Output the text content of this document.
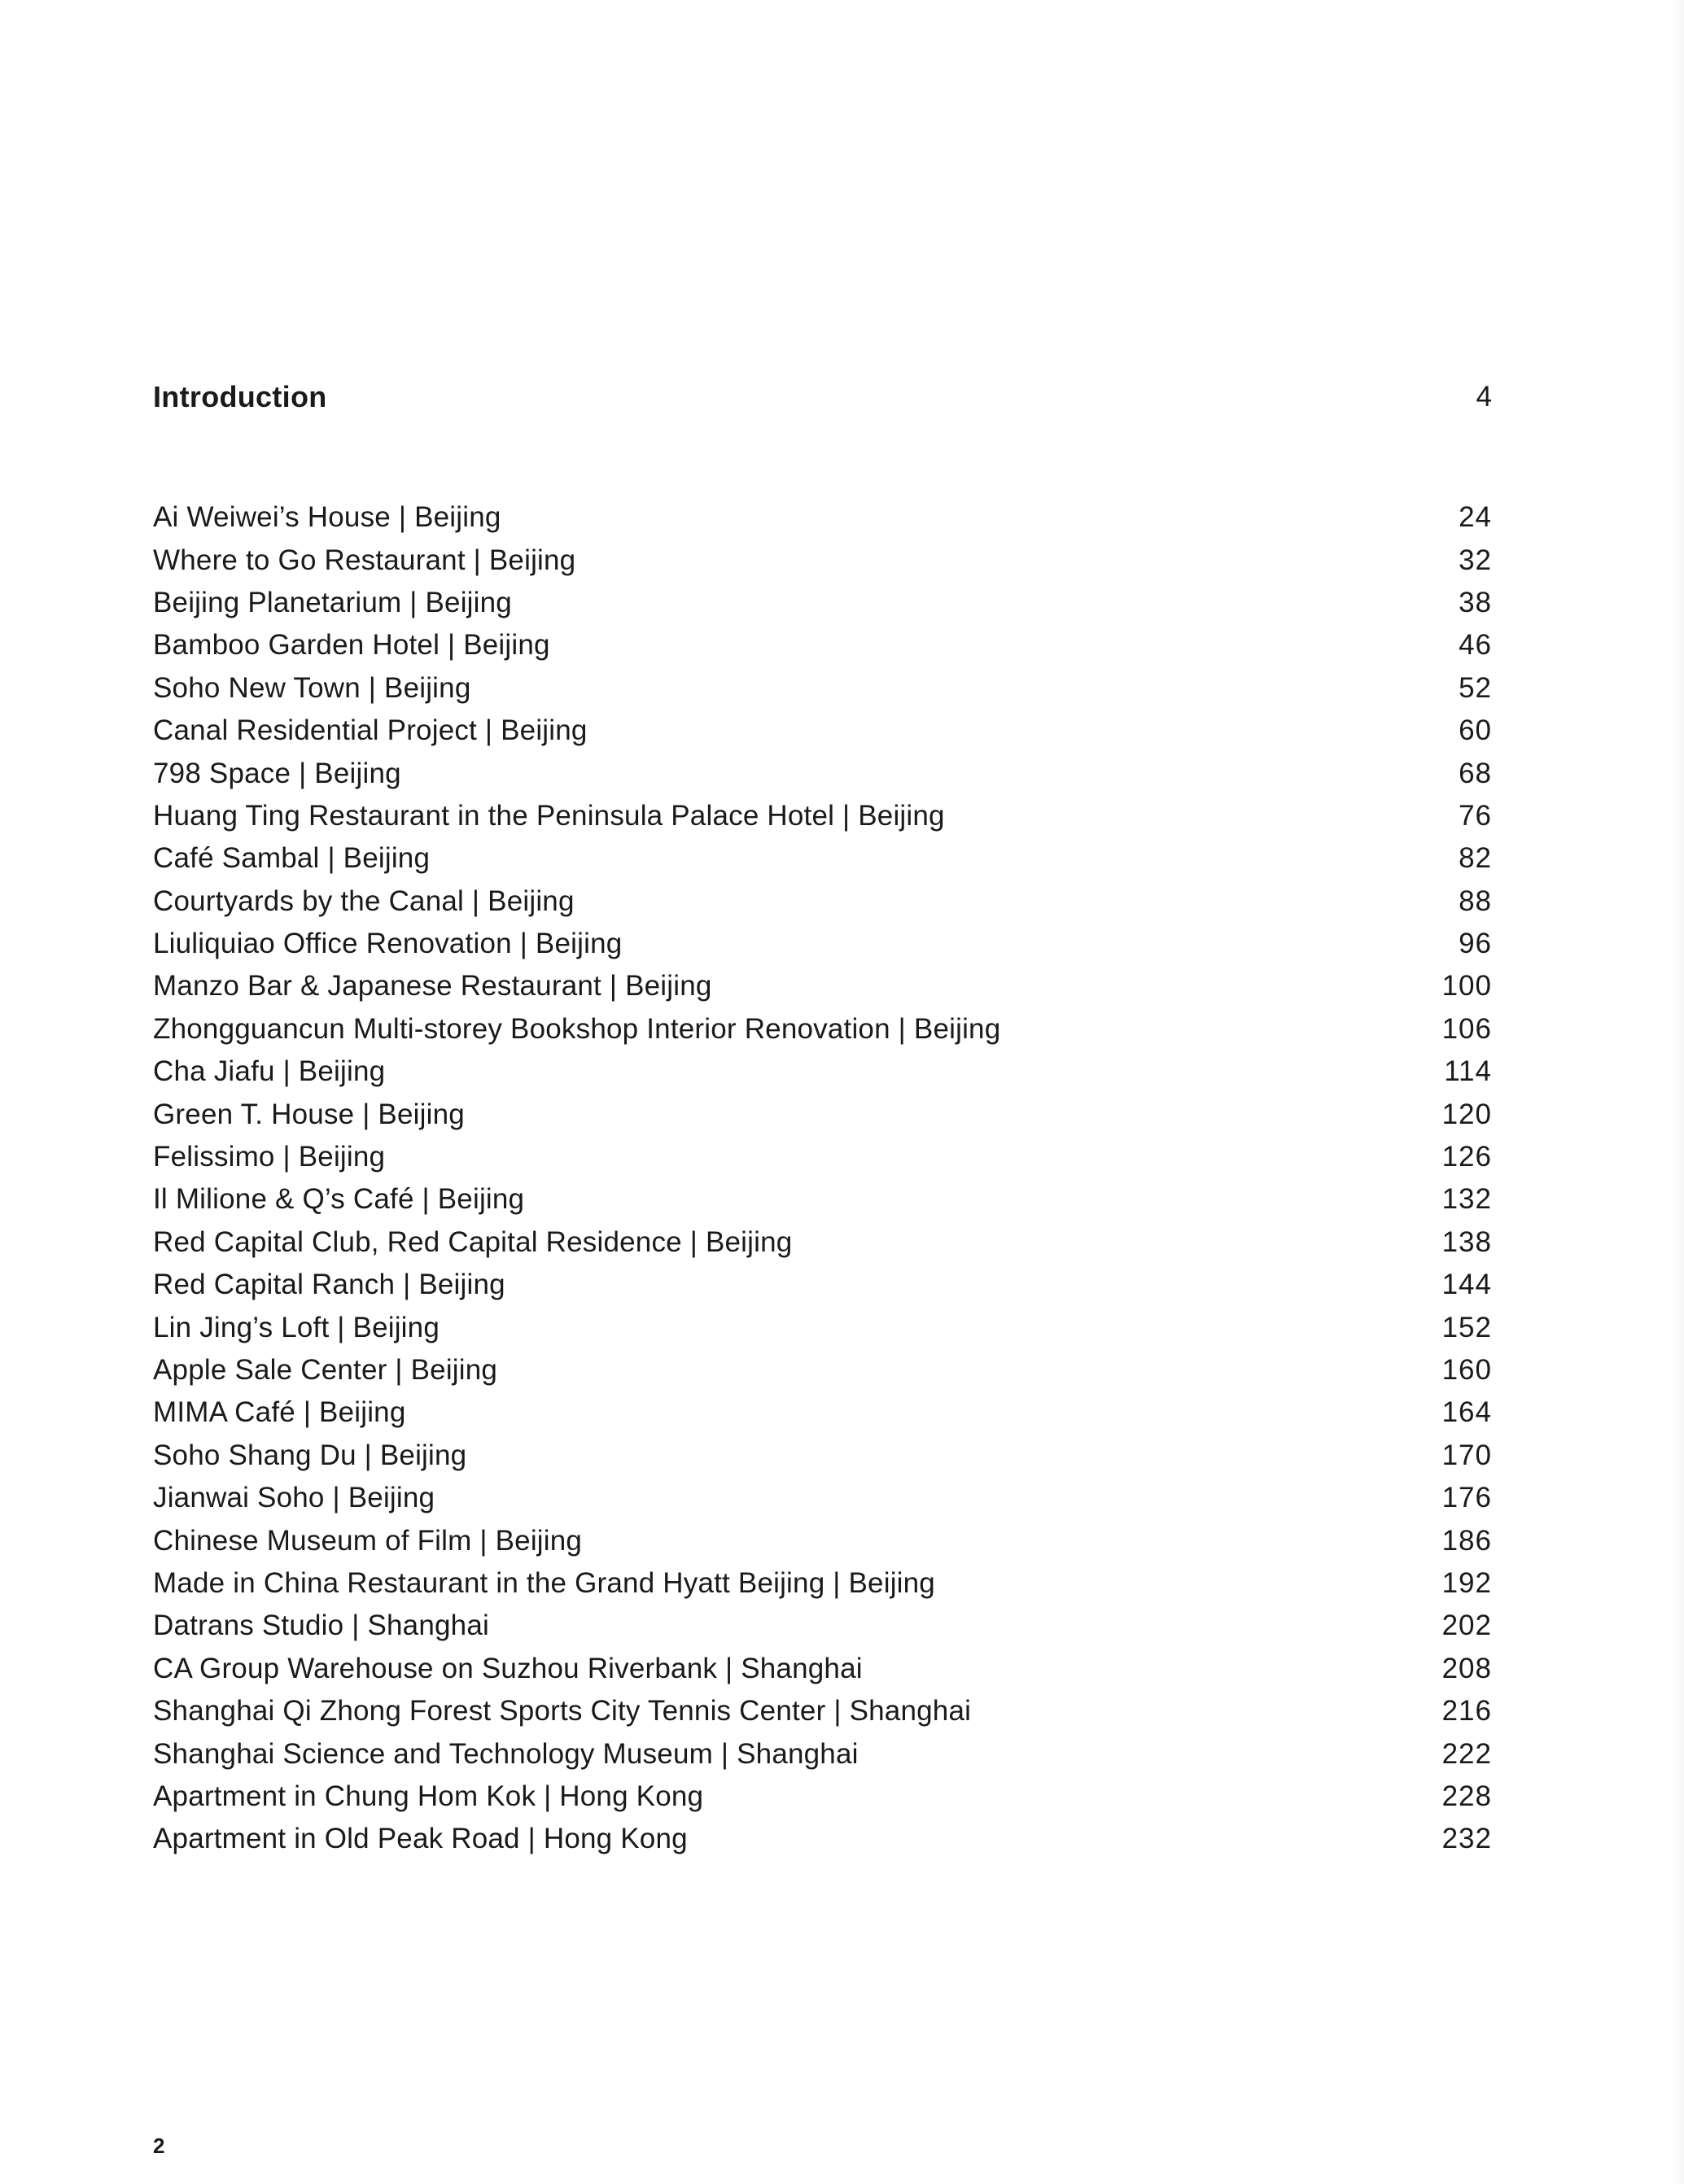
Introduction	4
Ai Weiwei’s House | Beijing	24
Where to Go Restaurant | Beijing	32
Beijing Planetarium | Beijing	38
Bamboo Garden Hotel | Beijing	46
Soho New Town | Beijing	52
Canal Residential Project | Beijing	60
798 Space | Beijing	68
Huang Ting Restaurant in the Peninsula Palace Hotel | Beijing	76
Café Sambal | Beijing	82
Courtyards by the Canal | Beijing	88
Liuliquiao Office Renovation | Beijing	96
Manzo Bar & Japanese Restaurant | Beijing	100
Zhongguancun Multi-storey Bookshop Interior Renovation | Beijing	106
Cha Jiafu | Beijing	114
Green T. House | Beijing	120
Felissimo | Beijing	126
Il Milione & Q’s Café | Beijing	132
Red Capital Club, Red Capital Residence | Beijing	138
Red Capital Ranch | Beijing	144
Lin Jing’s Loft | Beijing	152
Apple Sale Center | Beijing	160
MIMA Café | Beijing	164
Soho Shang Du | Beijing	170
Jianwai Soho | Beijing	176
Chinese Museum of Film | Beijing	186
Made in China Restaurant in the Grand Hyatt Beijing | Beijing	192
Datrans Studio | Shanghai	202
CA Group Warehouse on Suzhou Riverbank | Shanghai	208
Shanghai Qi Zhong Forest Sports City Tennis Center | Shanghai	216
Shanghai Science and Technology Museum | Shanghai	222
Apartment in Chung Hom Kok | Hong Kong	228
Apartment in Old Peak Road | Hong Kong	232
2
